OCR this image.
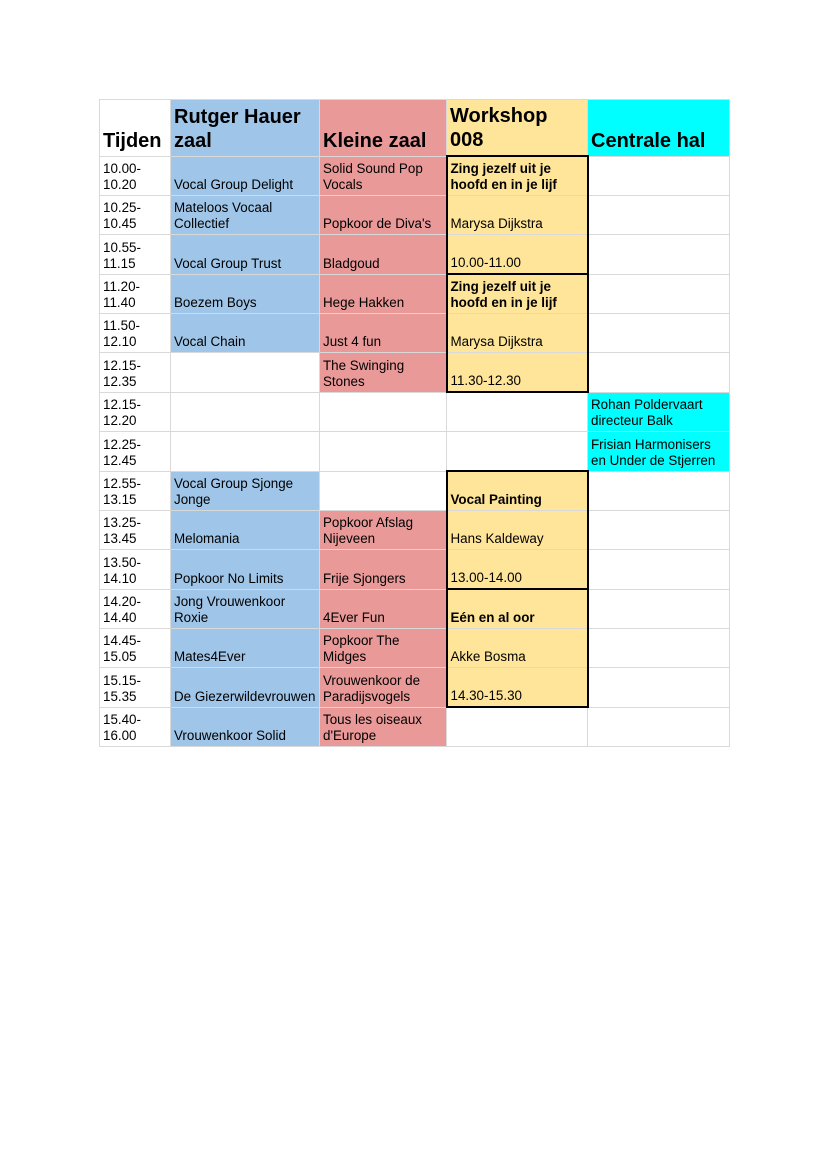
Tijden	Rutger Hauer zaal	Kleine zaal	Workshop 008	Centrale hal
10.00-10.20	Vocal Group Delight	Solid Sound Pop Vocals	Zing jezelf uit je hoofd en in je lijf	
10.25-10.45	Mateloos Vocaal Collectief	Popkoor de Diva's	Marysa Dijkstra	
10.55-11.15	Vocal Group Trust	Bladgoud	10.00-11.00	
11.20-11.40	Boezem Boys	Hege Hakken	Zing jezelf uit je hoofd en in je lijf	
11.50-12.10	Vocal Chain	Just 4 fun	Marysa Dijkstra	
12.15-12.35		The Swinging Stones	11.30-12.30	
12.15-12.20				Rohan Poldervaart directeur Balk
12.25-12.45				Frisian Harmonisers en Under de Stjerren
12.55-13.15	Vocal Group Sjonge Jonge		Vocal Painting	
13.25-13.45	Melomania	Popkoor Afslag Nijeveen	Hans Kaldeway	
13.50-14.10	Popkoor No Limits	Frije Sjongers	13.00-14.00	
14.20-14.40	Jong Vrouwenkoor Roxie	4Ever Fun	Eén en al oor	
14.45-15.05	Mates4Ever	Popkoor The Midges	Akke Bosma	
15.15-15.35	De Giezerwildevrouwen	Vrouwenkoor de Paradijsvogels	14.30-15.30	
15.40-16.00	Vrouwenkoor Solid	Tous les oiseaux d'Europe		
